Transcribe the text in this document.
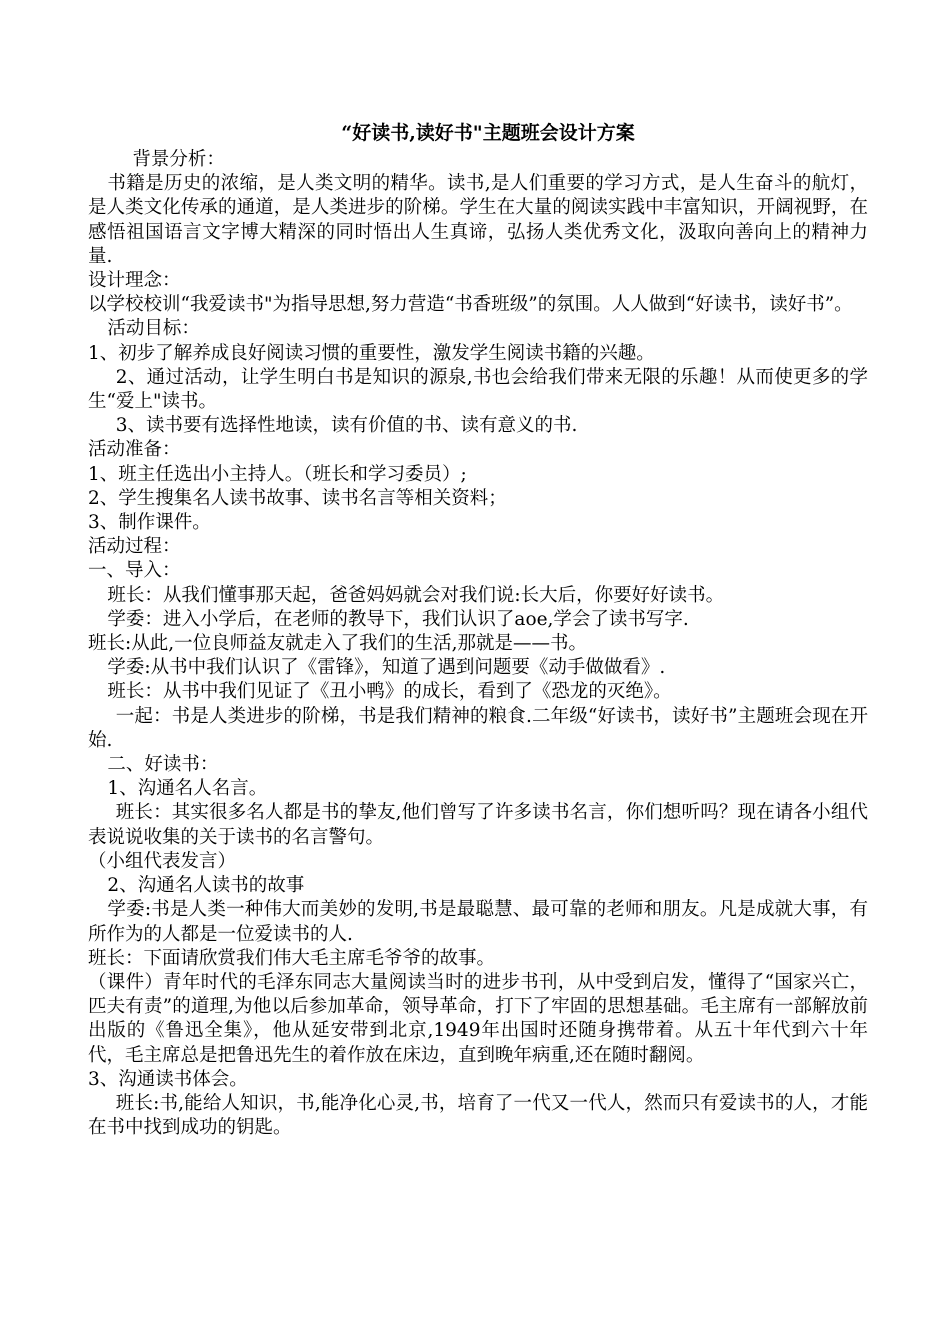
“好读书,读好书"主题班会设计方案

背景分析：

书籍是历史的浓缩，是人类文明的精华。读书,是人们重要的学习方式，是人生奋斗的航灯，是人类文化传承的通道，是人类进步的阶梯。学生在大量的阅读实践中丰富知识，开阔视野，在感悟祖国语言文字博大精深的同时悟出人生真谛，弘扬人类优秀文化，汲取向善向上的精神力量.

设计理念：

以学校校训“我爱读书"为指导思想,努力营造“书香班级”的氛围。人人做到“好读书，读好书”。

活动目标：

1、初步了解养成良好阅读习惯的重要性，激发学生阅读书籍的兴趣。

2、通过活动，让学生明白书是知识的源泉,书也会给我们带来无限的乐趣！从而使更多的学生“爱上"读书。

3、读书要有选择性地读，读有价值的书、读有意义的书.

活动准备：

1、班主任选出小主持人。（班长和学习委员）;

2、学生搜集名人读书故事、读书名言等相关资料；

3、制作课件。

活动过程：

一、导入：

班长：从我们懂事那天起，爸爸妈妈就会对我们说:长大后，你要好好读书。

学委：进入小学后，在老师的教导下，我们认识了aoe,学会了读书写字.

班长:从此,一位良师益友就走入了我们的生活,那就是——书。

学委:从书中我们认识了《雷锋》，知道了遇到问题要《动手做做看》.

班长：从书中我们见证了《丑小鸭》的成长，看到了《恐龙的灭绝》。

一起：书是人类进步的阶梯，书是我们精神的粮食.二年级“好读书，读好书”主题班会现在开始.

二、好读书：

1、沟通名人名言。

班长：其实很多名人都是书的挚友,他们曾写了许多读书名言，你们想听吗？现在请各小组代表说说收集的关于读书的名言警句。

（小组代表发言）

2、沟通名人读书的故事

学委:书是人类一种伟大而美妙的发明,书是最聪慧、最可靠的老师和朋友。凡是成就大事，有所作为的人都是一位爱读书的人.

班长：下面请欣赏我们伟大毛主席毛爷爷的故事。

（课件）青年时代的毛泽东同志大量阅读当时的进步书刊，从中受到启发，懂得了“国家兴亡，匹夫有责”的道理,为他以后参加革命，领导革命，打下了牢固的思想基础。毛主席有一部解放前出版的《鲁迅全集》，他从延安带到北京,1949年出国时还随身携带着。从五十年代到六十年代，毛主席总是把鲁迅先生的着作放在床边，直到晚年病重,还在随时翻阅。

3、沟通读书体会。

班长:书,能给人知识，书,能净化心灵,书，培育了一代又一代人，然而只有爱读书的人，才能在书中找到成功的钥匙。
